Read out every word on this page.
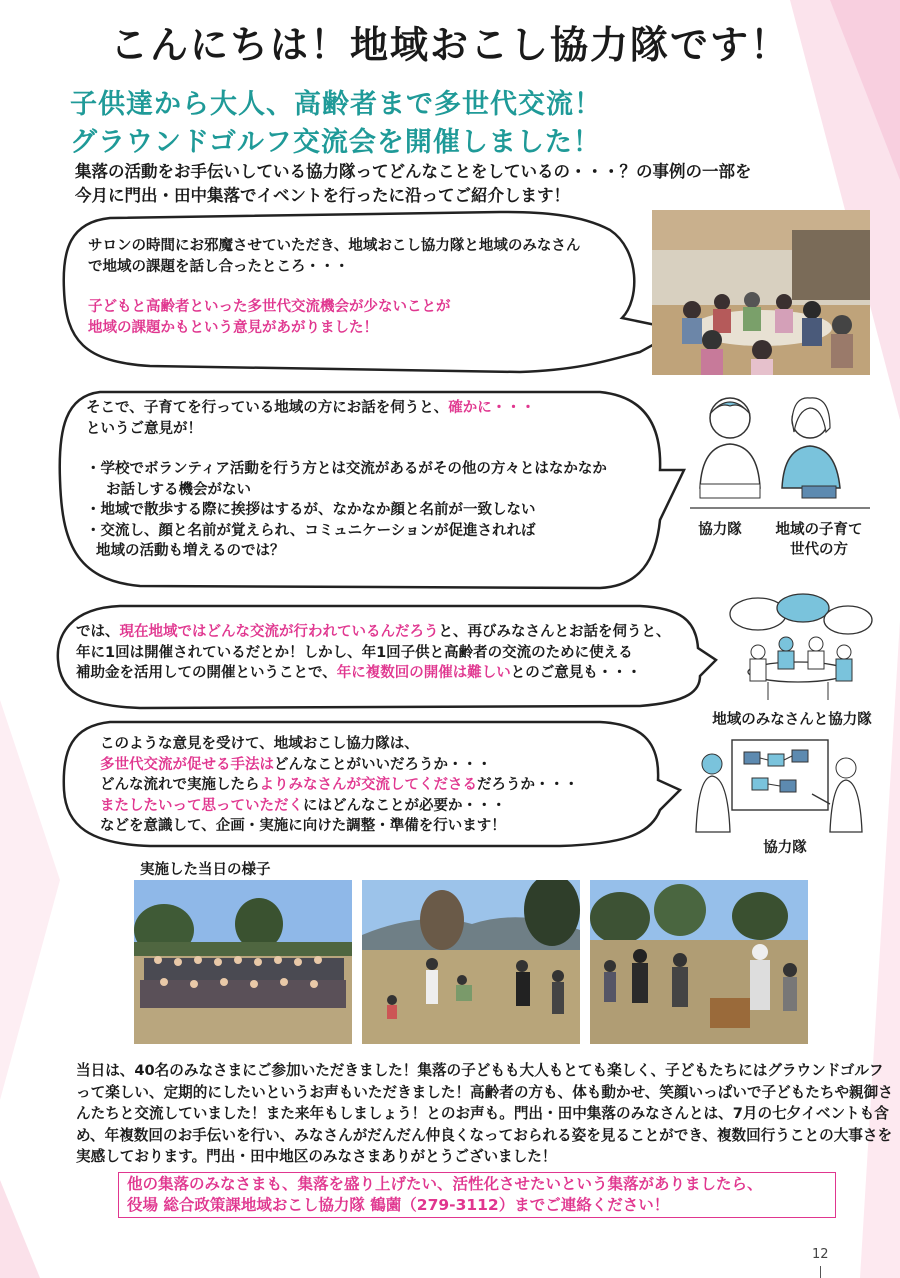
こんにちは！地域おこし協力隊です！
子供達から大人、高齢者まで多世代交流！
グラウンドゴルフ交流会を開催しました！
集落の活動をお手伝いしている協力隊ってどんなことをしているの・・・？の事例の一部を
今月に門出・田中集落でイベントを行ったに沿ってご紹介します！
サロンの時間にお邪魔させていただき、地域おこし協力隊と地域のみなさん
で地域の課題を話し合ったところ・・・
子どもと高齢者といった多世代交流機会が少ないことが
地域の課題かもという意見があがりました！
そこで、子育てを行っている地域の方にお話を伺うと、確かに・・・
というご意見が！
・学校でボランティア活動を行う方とは交流があるがその他の方々とはなかなか
お話しする機会がない
・地域で散歩する際に挨拶はするが、なかなか顔と名前が一致しない
・交流し、顔と名前が覚えられ、コミュニケーションが促進されれば
地域の活動も増えるのでは？
協力隊	地域の子育て
世代の方
では、現在地域ではどんな交流が行われているんだろうと、再びみなさんとお話を伺うと、
年に1回は開催されているだとか！しかし、年1回子供と高齢者の交流のために使える
補助金を活用しての開催ということで、年に複数回の開催は難しいとのご意見も・・・
地域のみなさんと協力隊
このような意見を受けて、地域おこし協力隊は、
多世代交流が促せる手法はどんなことがいいだろうか・・・
どんな流れで実施したらよりみなさんが交流してくださるだろうか・・・
またしたいって思っていただくにはどんなことが必要か・・・
などを意識して、企画・実施に向けた調整・準備を行います！
協力隊
実施した当日の様子
当日は、40名のみなさまにご参加いただきました！集落の子どもも大人もとても楽しく、子どもたちにはグラウンドゴルフって楽しい、定期的にしたいというお声もいただきました！高齢者の方も、体も動かせ、笑顔いっぱいで子どもたちや親御さんたちと交流していました！また来年もしましょう！とのお声も。門出・田中集落のみなさんとは、7月の七夕イベントも含め、年複数回のお手伝いを行い、みなさんがだんだん仲良くなっておられる姿を見ることができ、複数回行うことの大事さを実感しております。門出・田中地区のみなさまありがとうございました！
他の集落のみなさまも、集落を盛り上げたい、活性化させたいという集落がありましたら、
役場 総合政策課地域おこし協力隊 鶴薗（279-3112）までご連絡ください！
12
